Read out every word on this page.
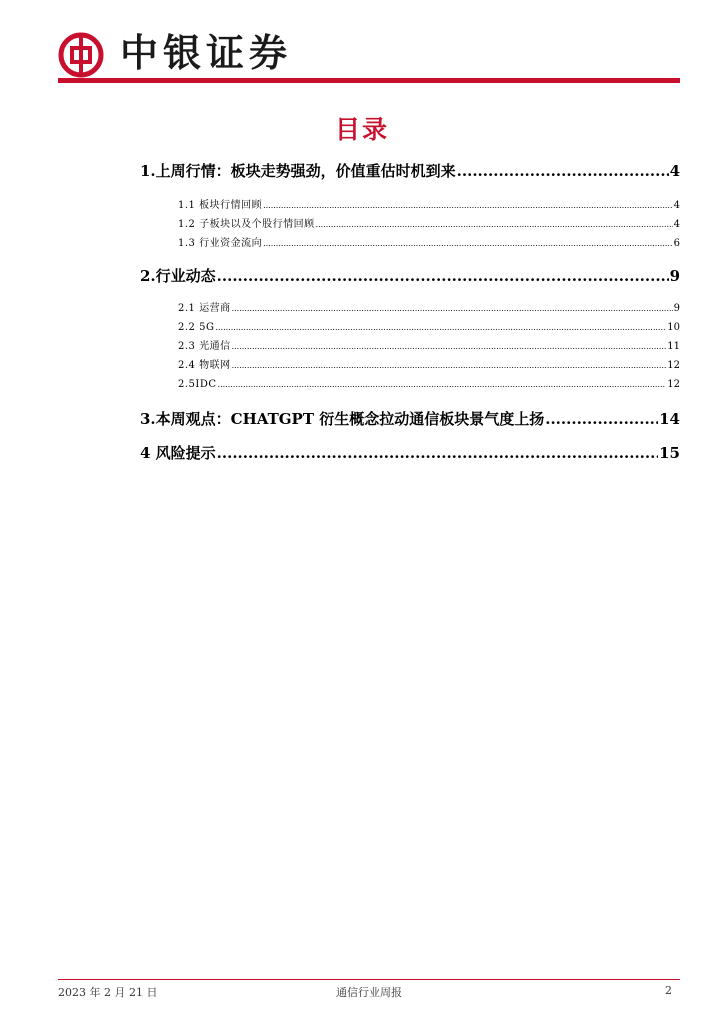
中银证券
目录
1.上周行情：板块走势强劲，价值重估时机到来 .....	4
1.1 板块行情回顾 .....	4
1.2 子板块以及个股行情回顾 .....	4
1.3 行业资金流向 .....	6
2.行业动态 .....	9
2.1 运营商 .....	9
2.2 5G .....	10
2.3 光通信 .....	11
2.4 物联网 .....	12
2.5IDC .....	12
3.本周观点：CHATGPT 衍生概念拉动通信板块景气度上扬 .....	14
4 风险提示 .....	15
2023 年 2 月 21 日	通信行业周报	2
